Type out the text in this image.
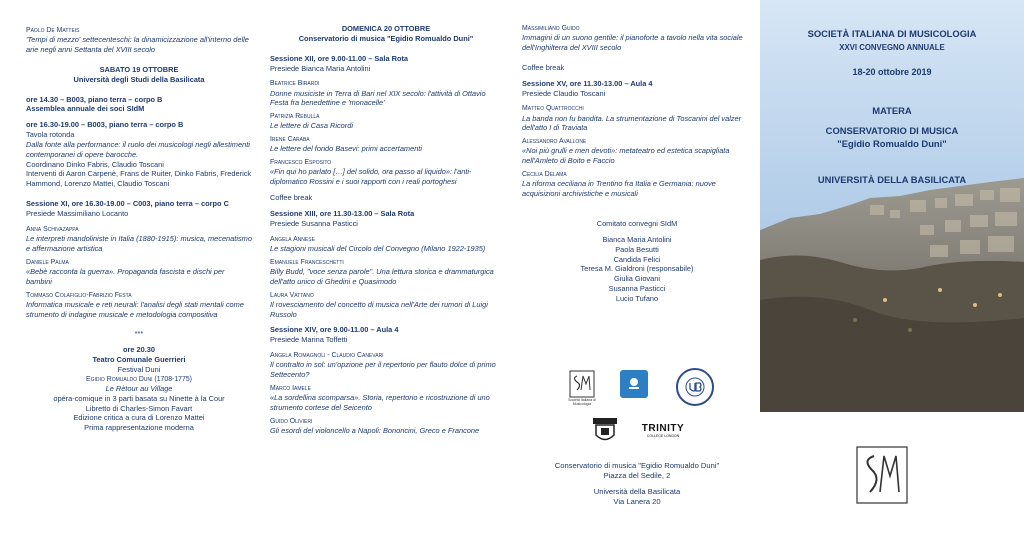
Paolo De Matteis
'Tempi di mezzo' settecenteschi: la dinamicizzazione all'interno delle arie negli anni Settanta del XVIII secolo
SABATO 19 OTTOBRE
Università degli Studi della Basilicata
ore 14.30 – B003, piano terra – corpo B
Assemblea annuale dei soci SIdM
ore 16.30-19.00 – B003, piano terra – corpo B
Tavola rotonda
Dalla fonte alla performance: il ruolo dei musicologi negli allestimenti contemporanei di opere barocche.
Coordinano Dinko Fabris, Claudio Toscani
Interventi di Aaron Carpenè, Frans de Ruiter, Dinko Fabris, Frederick Hammond, Lorenzo Mattei, Claudio Toscani
Sessione XI, ore 16.30-19.00 – C003, piano terra – corpo C
Presiede Massimiliano Locanto
Anna Schivazappa
Le interpreti mandoliniste in Italia (1880-1915): musica, mecenatismo e affermazione artistica
Daniele Palma
«Bebè racconta la guerra». Propaganda fascista e dischi per bambini
Tommaso Colafiglio-Fabrizio Festa
Informatica musicale e reti neurali: l'analisi degli stati mentali come strumento di indagine musicale e metodologia compositiva
***
ore 20.30
Teatro Comunale Guerrieri
Festival Duni
Egidio Romualdo Duni (1708-1775)
Le Rètour au Village
opéra-comique in 3 parti basata su Ninette à la Cour
Libretto di Charles-Simon Favart
Edizione critica a cura di Lorenzo Mattei
Prima rappresentazione moderna
DOMENICA 20 OTTOBRE
Conservatorio di musica "Egidio Romualdo Duni"
Sessione XII, ore 9.00-11.00 – Sala Rota
Presiede Bianca Maria Antolini
Beatrice Birardi
Donne musiciste in Terra di Bari nel XIX secolo: l'attività di Ottavio Festa fra benedettine e 'monacelle'
Patrizia Rebulla
Le lettere di Casa Ricordi
Irene Caraba
Le lettere del fondo Basevi: primi accertamenti
Francesco Esposito
«Fin qui ho parlato […] del solido, ora passo al liquido»: l'anti-diplomatico Rossini e i suoi rapporti con i reali portoghesi
Coffee break
Sessione XIII, ore 11.30-13.00 – Sala Rota
Presiede Susanna Pasticci
Angela Annese
Le stagioni musicali del Circolo del Convegno (Milano 1922-1935)
Emanuele Franceschetti
Billy Budd, "voce senza parole". Una lettura storica e drammaturgica dell'atto unico di Ghedini e Quasimodo
Laura Vattano
Il rovesciamento del concetto di musica nell'Arte dei rumori di Luigi Russolo
Sessione XIV, ore 9.00-11.00 – Aula 4
Presiede Marina Toffetti
Angela Romagnoli - Claudio Canevari
Il contralto in sol: un'opzione per il repertorio per flauto dolce di primo Settecento?
Marco Iamele
«La sordellina scomparsa». Storia, repertorio e ricostruzione di uno strumento cortese del Seicento
Guido Olivieri
Gli esordi del violoncello a Napoli: Bononcini, Greco e Francone
Massimiliano Guido
Immagini di un suono gentile: il pianoforte a tavolo nella vita sociale dell'Inghilterra del XVIII secolo
Coffee break
Sessione XV, ore 11.30-13.00 – Aula 4
Presiede Claudio Toscani
Matteo Quattrocchi
La banda non fu bandita. La strumentazione di Toscanini del valzer dell'atto I di Traviata
Alessandro Avallone
«Noi più grulli e men devoti»: metateatro ed estetica scapigliata nell'Amleto di Boito e Faccio
Cecilia Delama
La riforma ceciliana in Trentino fra Italia e Germania: nuove acquisizioni archivistiche e musicali
Comitato convegni SIdM
Bianca Maria Antolini
Paola Besutti
Candida Felici
Teresa M. Gialdroni (responsabile)
Giulia Giovani
Susanna Pasticci
Lucio Tufano
Società Italiana di Musicologia
TRINITY
COLLEGE LONDON
Conservatorio di musica "Egidio Romualdo Duni"
Piazza del Sedile, 2
Università della Basilicata
Via Lanera 20
SOCIETÀ ITALIANA DI MUSICOLOGIA
XXVI CONVEGNO ANNUALE
18-20 ottobre 2019
MATERA
CONSERVATORIO DI MUSICA
"Egidio Romualdo Duni"
UNIVERSITÀ DELLA BASILICATA
